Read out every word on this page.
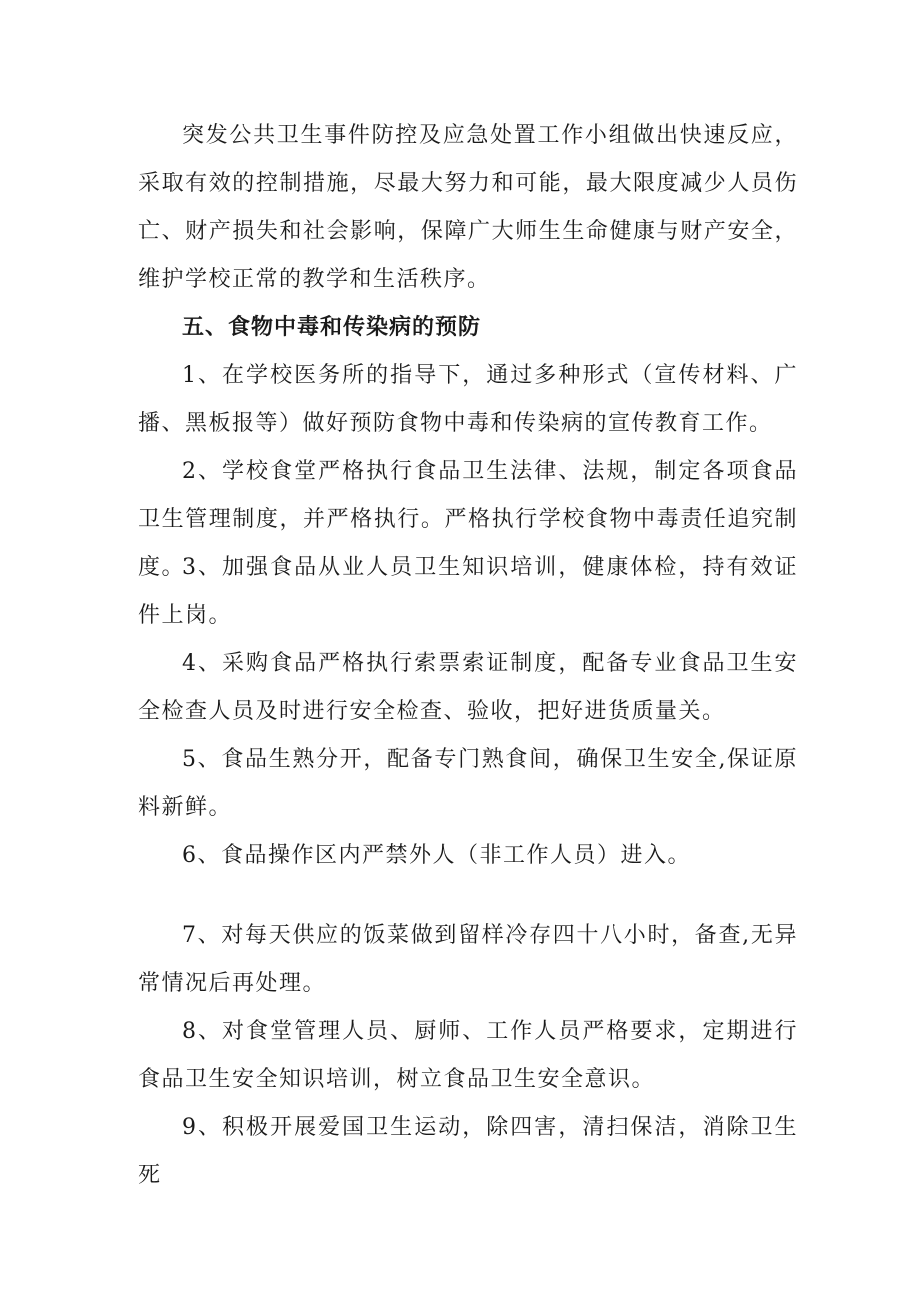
突发公共卫生事件防控及应急处置工作小组做出快速反应，采取有效的控制措施，尽最大努力和可能，最大限度减少人员伤亡、财产损失和社会影响，保障广大师生生命健康与财产安全，维护学校正常的教学和生活秩序。

五、食物中毒和传染病的预防

1、在学校医务所的指导下，通过多种形式（宣传材料、广播、黑板报等）做好预防食物中毒和传染病的宣传教育工作。

2、学校食堂严格执行食品卫生法律、法规，制定各项食品卫生管理制度，并严格执行。严格执行学校食物中毒责任追究制度。

3、加强食品从业人员卫生知识培训，健康体检，持有效证件上岗。

4、采购食品严格执行索票索证制度，配备专业食品卫生安全检查人员及时进行安全检查、验收，把好进货质量关。

5、食品生熟分开，配备专门熟食间，确保卫生安全,保证原料新鲜。

6、食品操作区内严禁外人（非工作人员）进入。

7、对每天供应的饭菜做到留样冷存四十八小时，备查,无异常情况后再处理。

8、对食堂管理人员、厨师、工作人员严格要求，定期进行食品卫生安全知识培训，树立食品卫生安全意识。

9、积极开展爱国卫生运动，除四害，清扫保洁，消除卫生死
